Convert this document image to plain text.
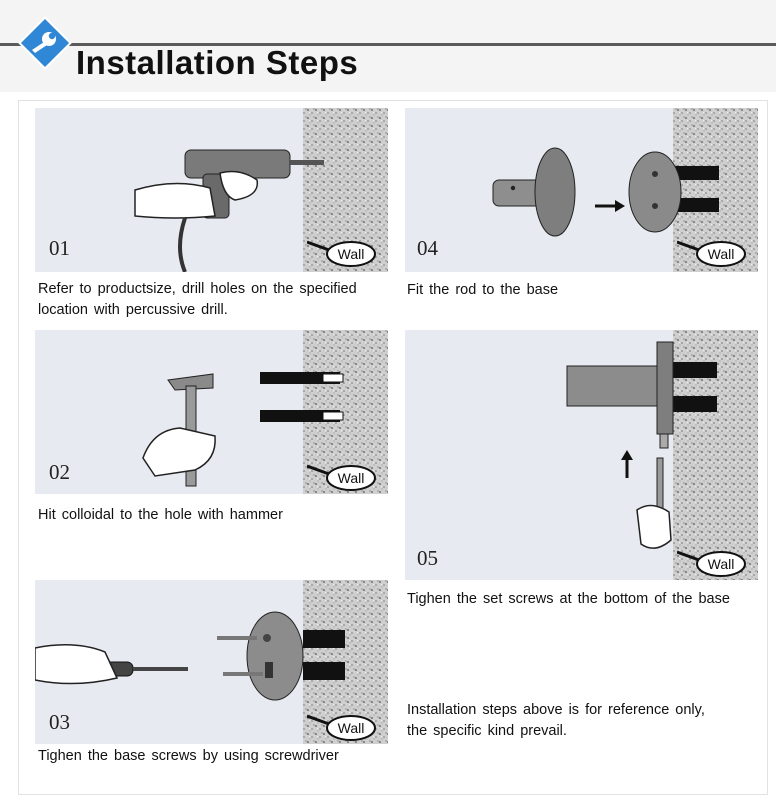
Installation Steps
01	Wall
Refer to productsize, drill holes on the specified
location with percussive drill.
02	Wall
Hit colloidal to the hole with hammer
03	Wall
Tighen the base screws by using screwdriver
04	Wall
Fit the rod to the base
05	Wall
Tighen the set screws at the bottom of the base
Installation steps above is for reference only,
the specific kind prevail.
